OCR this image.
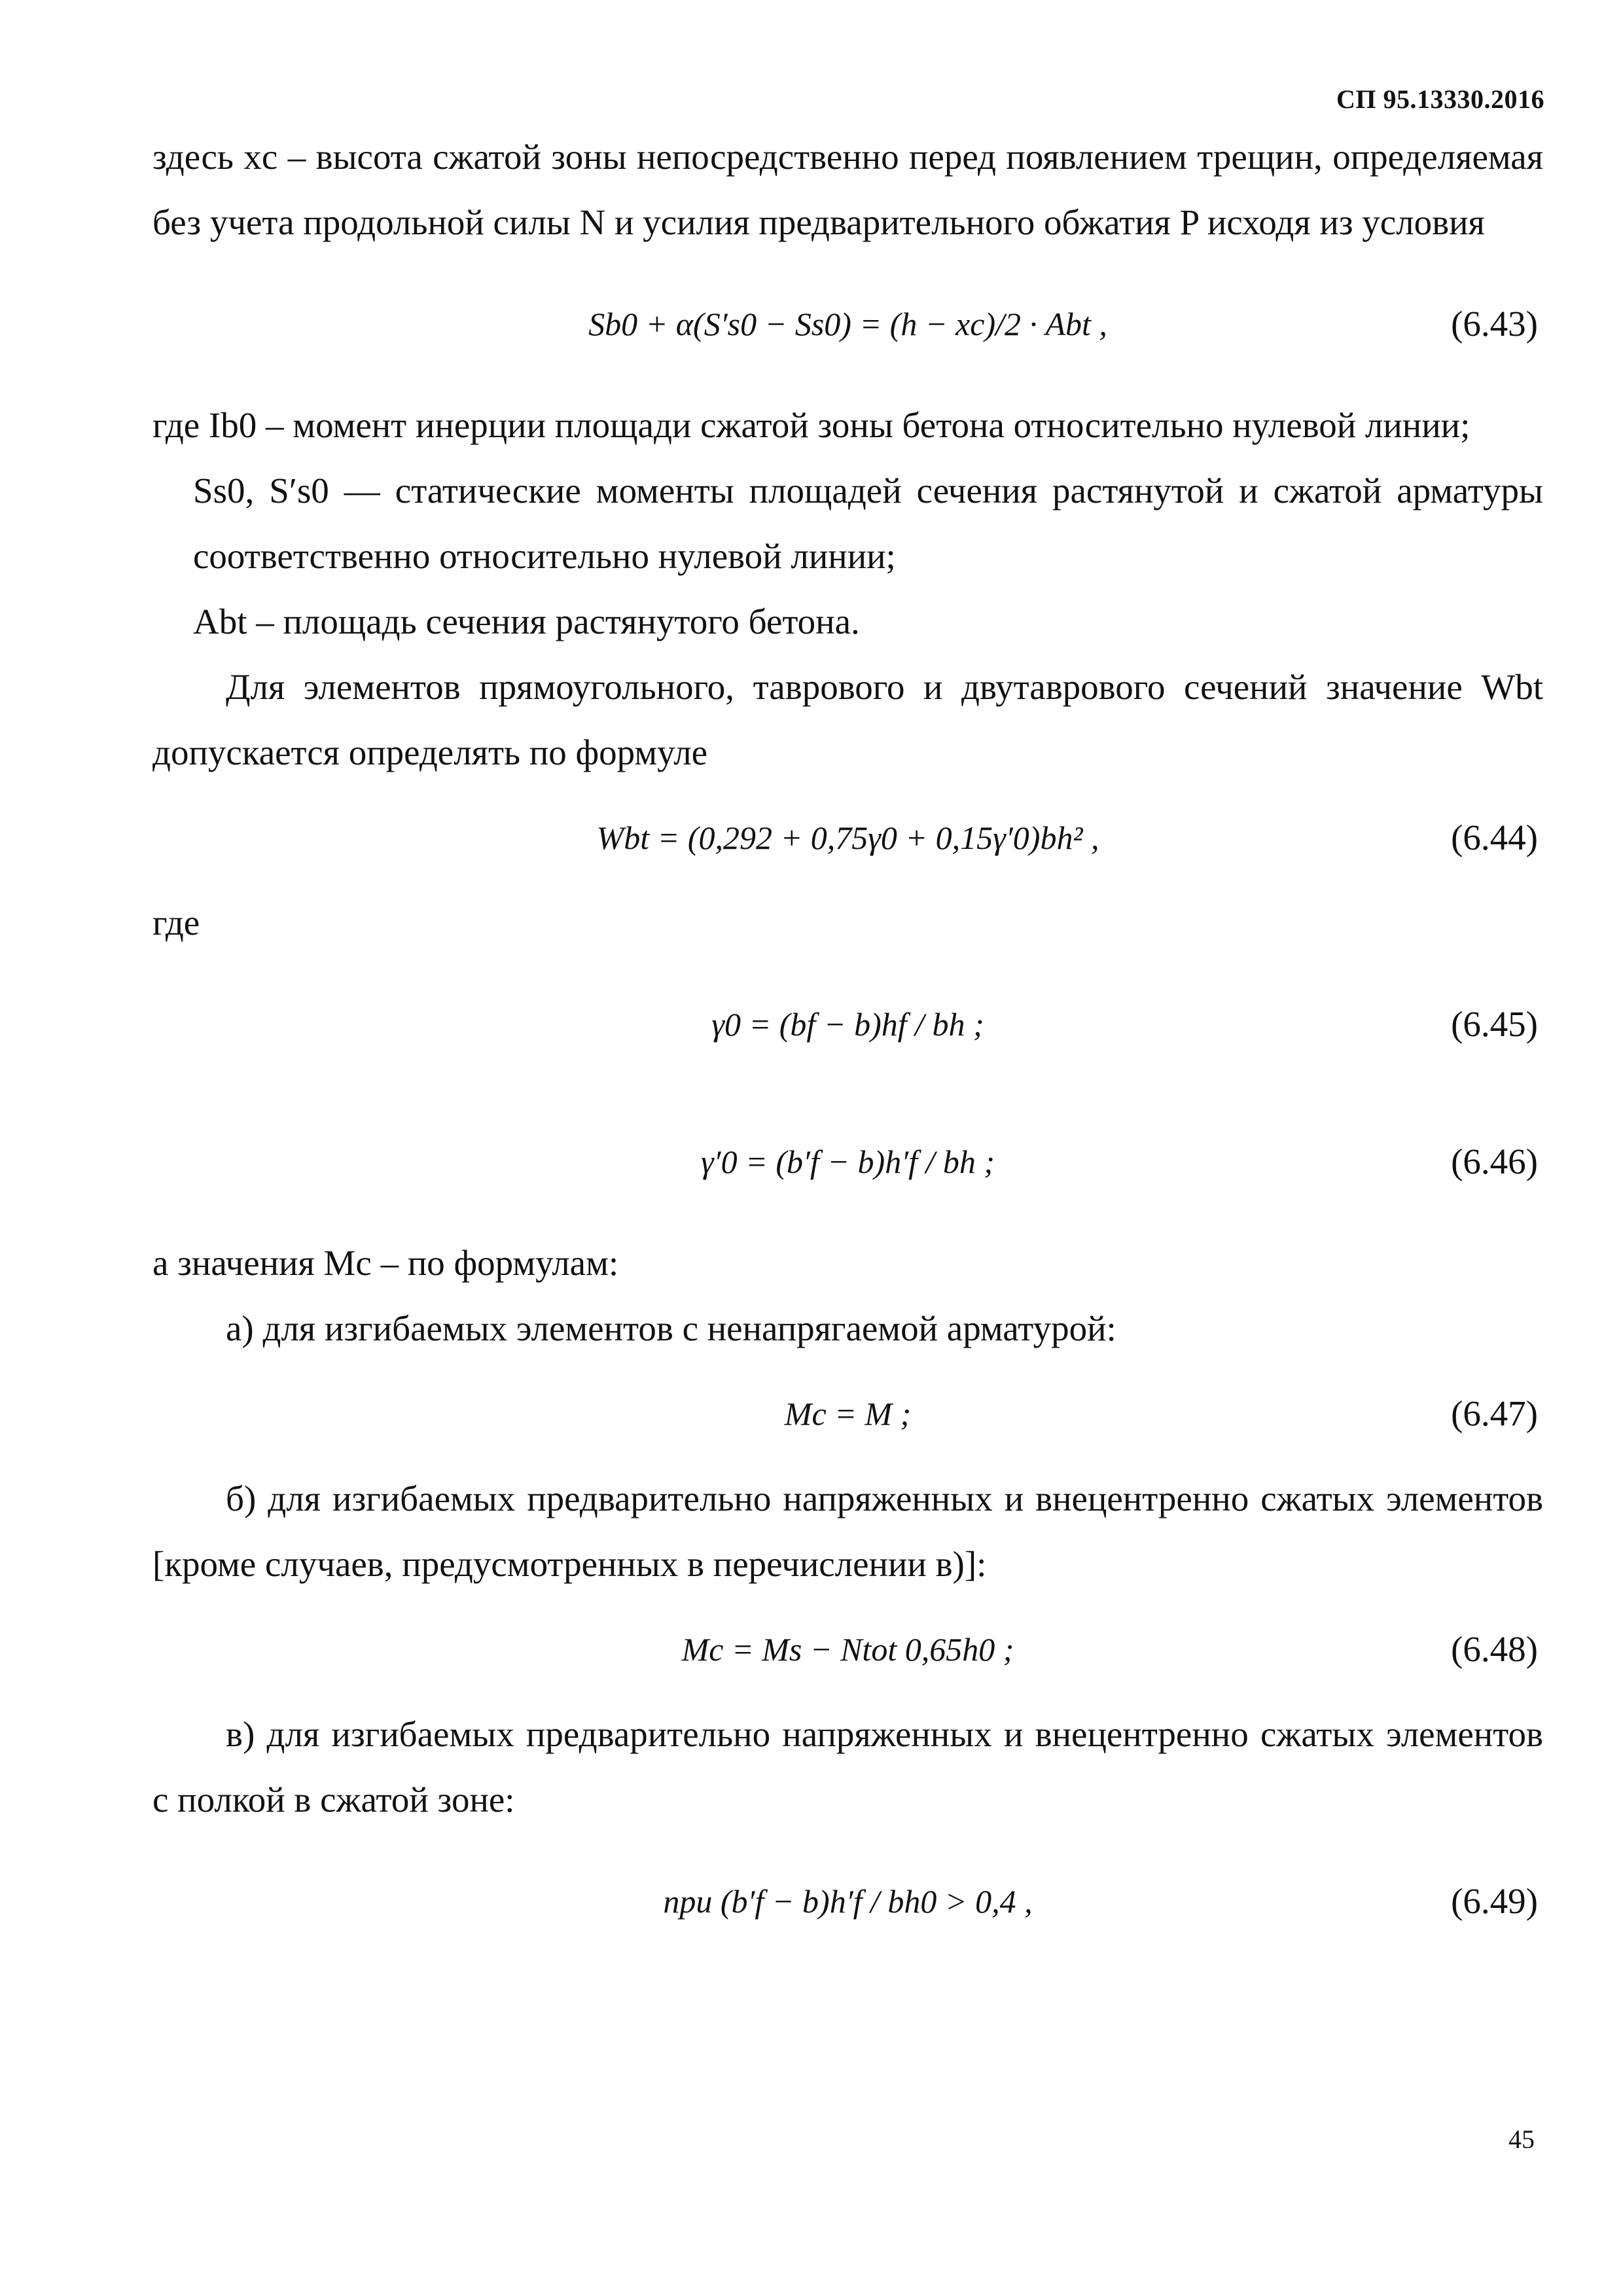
СП 95.13330.2016

здесь xc – высота сжатой зоны непосредственно перед появлением трещин, определяемая без учета продольной силы N и усилия предварительного обжатия P исходя из условия

Sb0 + α(S′s0 − Ss0) = (h − xc)/2 · Abt ,	(6.43)

где Ib0 – момент инерции площади сжатой зоны бетона относительно нулевой линии;

Ss0, S′s0 — статические моменты площадей сечения растянутой и сжатой арматуры соответственно относительно нулевой линии;

Abt – площадь сечения растянутого бетона.

Для элементов прямоугольного, таврового и двутаврового сечений значение Wbt допускается определять по формуле

Wbt = (0,292 + 0,75γ0 + 0,15γ′0)bh² ,	(6.44)

где

γ0 = (bf − b)hf / bh ;	(6.45)
γ′0 = (b′f − b)h′f / bh ;	(6.46)

а значения Mc – по формулам:

а) для изгибаемых элементов с ненапрягаемой арматурой:

Mc = M ;	(6.47)

б) для изгибаемых предварительно напряженных и внецентренно сжатых элементов [кроме случаев, предусмотренных в перечислении в)]:

Mc = Ms − Ntot 0,65h0 ;	(6.48)

в) для изгибаемых предварительно напряженных и внецентренно сжатых элементов с полкой в сжатой зоне:

при (b′f − b)h′f / bh0 > 0,4 ,	(6.49)
45
